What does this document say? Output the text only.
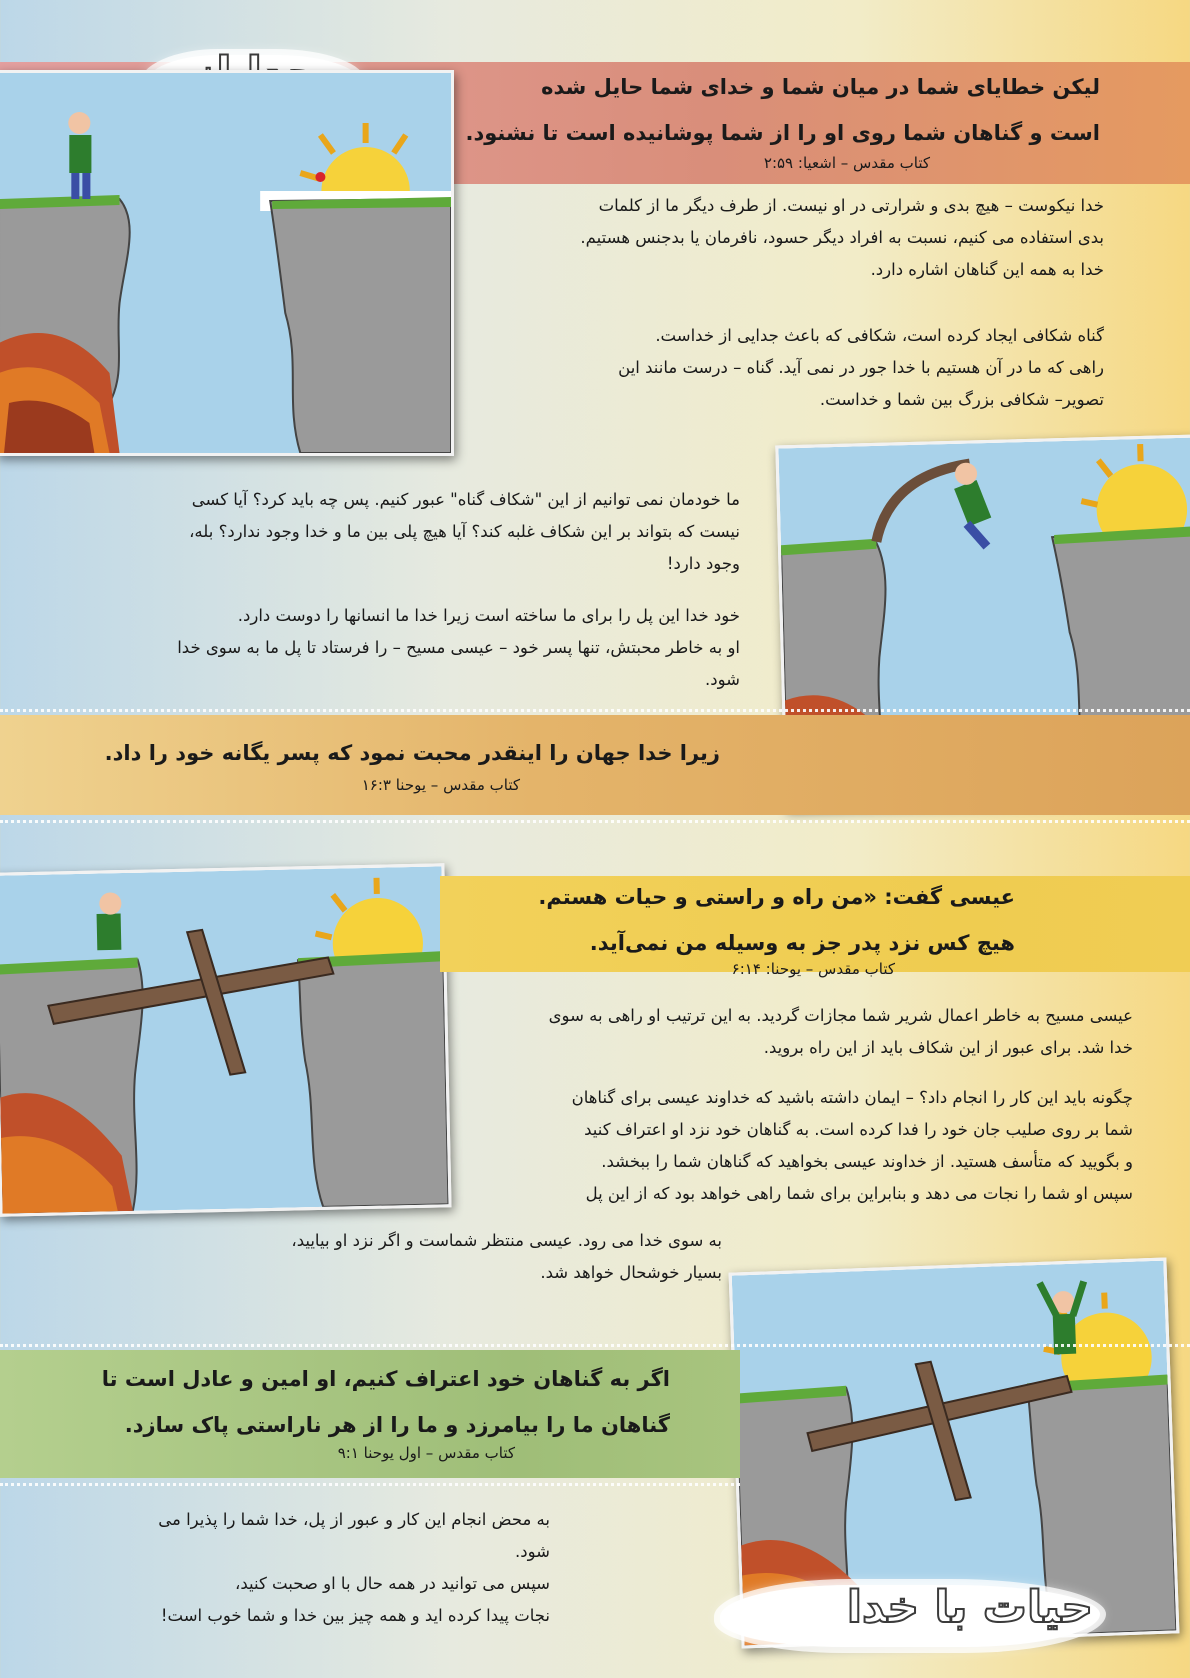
لیکن خطایای شما در میان شما و خدای شما حایل شده
است و گناهان شما روی او را از شما پوشانیده است تا نشنود.
کتاب مقدس – اشعیا: ۲:۵۹
خدا نیکوست – هیچ بدی و شرارتی در او نیست. از طرف دیگر ما از کلمات
بدی استفاده می کنیم، نسبت به افراد دیگر حسود، نافرمان یا بدجنس هستیم.
خدا به همه این گناهان اشاره دارد.
گناه شکافی ایجاد کرده است، شکافی که باعث جدایی از خداست.
راهی که ما در آن هستیم با خدا جور در نمی آید. گناه – درست مانند این
تصویر– شکافی بزرگ بین شما و خداست.
ما خودمان نمی توانیم از این "شکاف گناه" عبور کنیم. پس چه باید کرد؟ آیا کسی
نیست که بتواند بر این شکاف غلبه کند؟ آیا هیچ پلی بین ما و خدا وجود ندارد؟ بله،
وجود دارد!
خود خدا این پل را برای ما ساخته است زیرا خدا ما انسانها را دوست دارد.
او به خاطر محبتش، تنها پسر خود – عیسی مسیح – را فرستاد تا پل ما به سوی خدا
شود.
زیرا خدا جهان را اینقدر محبت نمود که پسر یگانه خود را داد.
کتاب مقدس – یوحنا ۱۶:۳
عیسی گفت: «من راه و راستی و حیات هستم.
هیچ کس نزد پدر جز به وسیله من نمی‌آید.
کتاب مقدس – یوحنا: ۶:۱۴
عیسی مسیح به خاطر اعمال شریر شما مجازات گردید. به این ترتیب او راهی به سوی
خدا شد. برای عبور از این شکاف باید از این راه بروید.
چگونه باید این کار را انجام داد؟ – ایمان داشته باشید که خداوند عیسی برای گناهان
شما بر روی صلیب جان خود را فدا کرده است. به گناهان خود نزد او اعتراف کنید
و بگویید که متأسف هستید. از خداوند عیسی بخواهید که گناهان شما را ببخشد.
سپس او شما را نجات می دهد و بنابراین برای شما راهی خواهد بود که از این پل
به سوی خدا می رود. عیسی منتظر شماست و اگر نزد او بیایید،
بسیار خوشحال خواهد شد.
اگر به گناهان خود اعتراف کنیم، او امین و عادل است تا
گناهان ما را بیامرزد و ما را از هر ناراستی پاک سازد.
کتاب مقدس – اول یوحنا ۹:۱
به محض انجام این کار و عبور از پل، خدا شما را پذیرا می
شود.
سپس می توانید در همه حال با او صحبت کنید،
نجات پیدا کرده اید و همه چیز بین خدا و شما خوب است!	حیات با خدا
